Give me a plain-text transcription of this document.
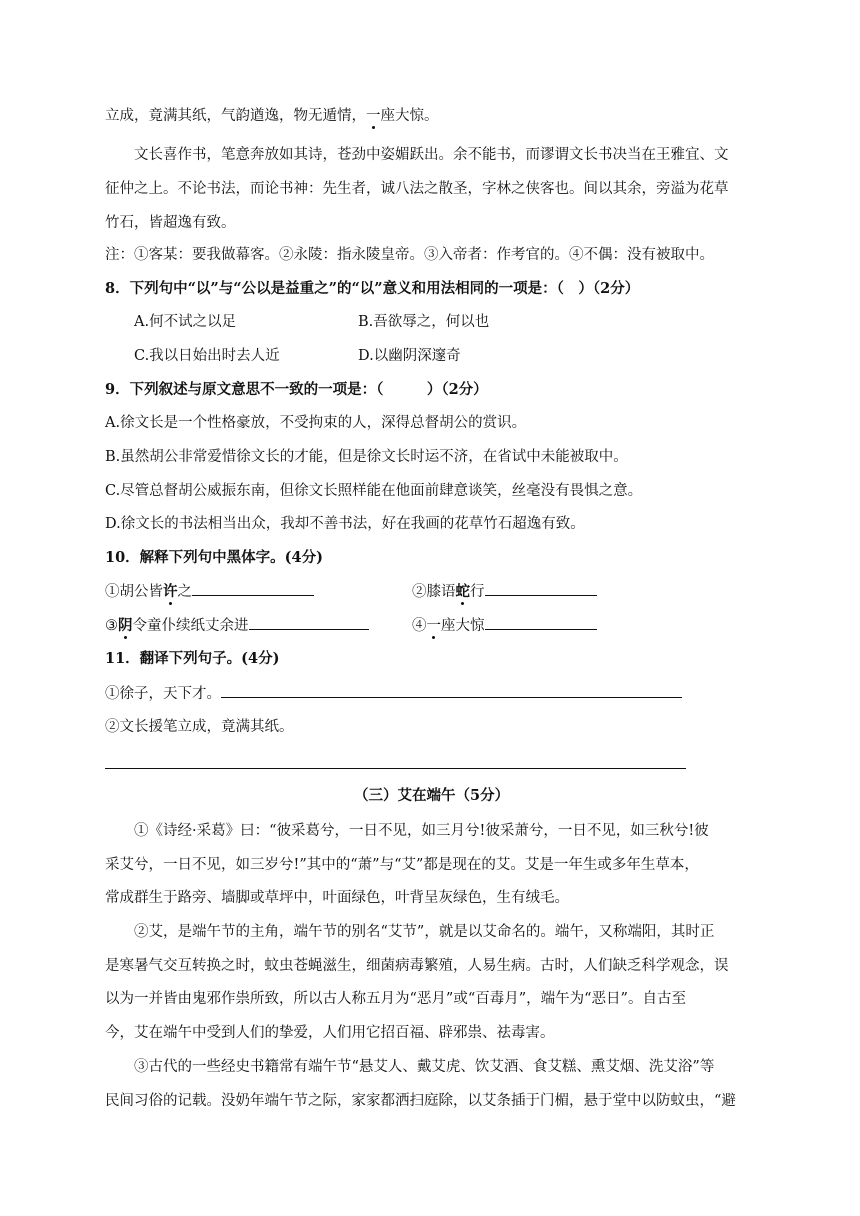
立成，竟满其纸，气韵遒逸，物无遁情，一座大惊。
文长喜作书，笔意奔放如其诗，苍劲中姿媚跃出。余不能书，而谬谓文长书决当在王雅宜、文
征仲之上。不论书法，而论书神：先生者，诚八法之散圣，字林之侠客也。间以其余，旁溢为花草
竹石，皆超逸有致。
注：①客某：要我做幕客。②永陵：指永陵皇帝。③入帝者：作考官的。④不偶：没有被取中。
8．下列句中“以”与“公以是益重之”的“以”意义和用法相同的一项是：（　）（2分）
A.何不试之以足	B.吾欲辱之，何以也
C.我以日始出时去人近	D.以幽阴深邃奇
9．下列叙述与原文意思不一致的一项是：（　　　）（2分）
A.徐文长是一个性格豪放，不受拘束的人，深得总督胡公的赏识。
B.虽然胡公非常爱惜徐文长的才能，但是徐文长时运不济，在省试中未能被取中。
C.尽管总督胡公威振东南，但徐文长照样能在他面前肆意谈笑，丝毫没有畏惧之意。
D.徐文长的书法相当出众，我却不善书法，好在我画的花草竹石超逸有致。
10．解释下列句中黑体字。(4分)
①胡公皆许之	②膝语蛇行
③阴令童仆续纸丈余进	④一座大惊
11．翻译下列句子。(4分)
①徐子，天下才。
②文长援笔立成，竟满其纸。
（三）艾在端午（5分）
①《诗经·采葛》曰：“彼采葛兮，一日不见，如三月兮!彼采萧兮，一日不见，如三秋兮!彼
采艾兮，一日不见，如三岁兮!”其中的“萧”与“艾”都是现在的艾。艾是一年生或多年生草本，
常成群生于路旁、墙脚或草坪中，叶面绿色，叶背呈灰绿色，生有绒毛。
②艾，是端午节的主角，端午节的别名“艾节”，就是以艾命名的。端午，又称端阳，其时正
是寒暑气交互转换之时，蚊虫苍蝇滋生，细菌病毒繁殖，人易生病。古时，人们缺乏科学观念，误
以为一并皆由鬼邪作祟所致，所以古人称五月为“恶月”或“百毒月”，端午为“恶日”。自古至
今，艾在端午中受到人们的挚爱，人们用它招百福、辟邪祟、祛毒害。
③古代的一些经史书籍常有端午节“悬艾人、戴艾虎、饮艾酒、食艾糕、熏艾烟、洗艾浴”等
民间习俗的记载。没奶年端午节之际，家家都洒扫庭除，以艾条插于门楣，悬于堂中以防蚊虫，“避
